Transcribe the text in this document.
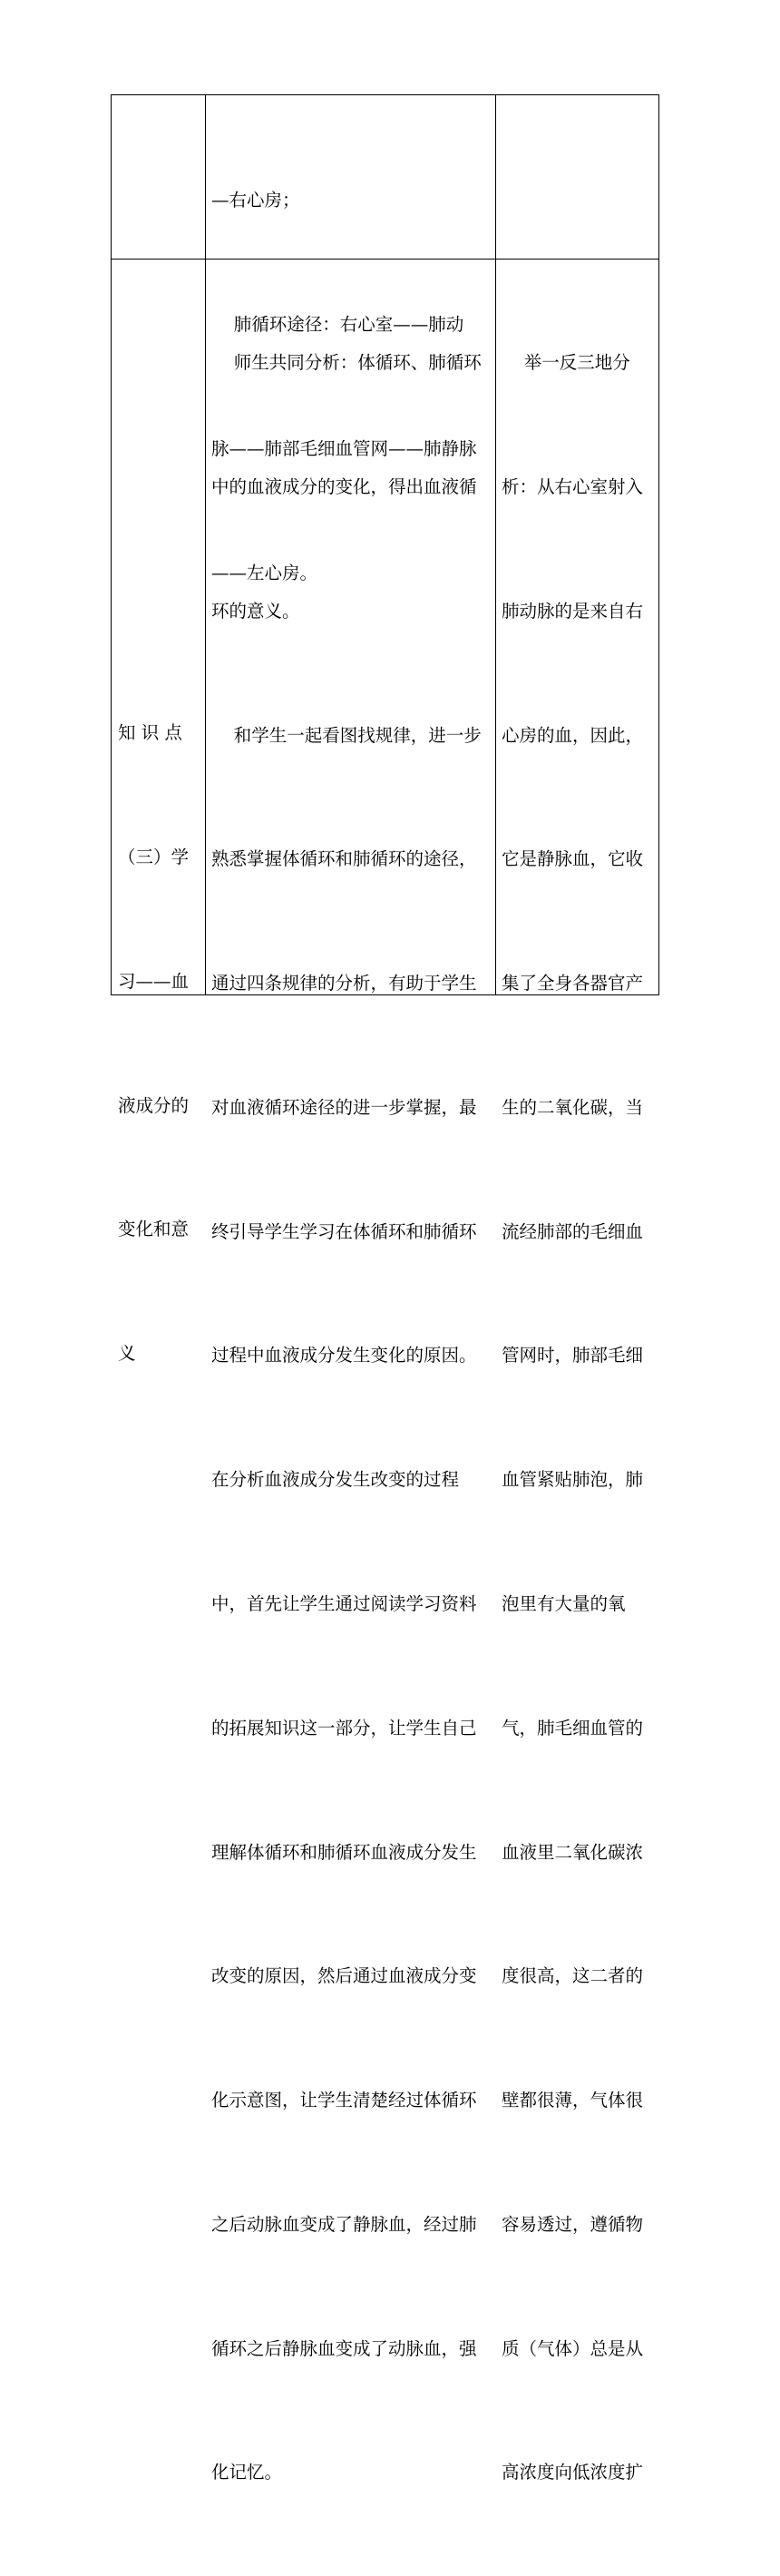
—右心房；

肺循环途径：右心室——肺动

脉——肺部毛细血管网——肺静脉

——左心房。

知 识 点

（三）学

习——血

液成分的

变化和意

义

师生共同分析：体循环、肺循环

中的血液成分的变化，得出血液循

环的意义。

和学生一起看图找规律，进一步

熟悉掌握体循环和肺循环的途径，

通过四条规律的分析，有助于学生

对血液循环途径的进一步掌握，最

终引导学生学习在体循环和肺循环

过程中血液成分发生变化的原因。

在分析血液成分发生改变的过程

中，首先让学生通过阅读学习资料

的拓展知识这一部分，让学生自己

理解体循环和肺循环血液成分发生

改变的原因，然后通过血液成分变

化示意图，让学生清楚经过体循环

之后动脉血变成了静脉血，经过肺

循环之后静脉血变成了动脉血，强

化记忆。

举一反三地分

析：从右心室射入

肺动脉的是来自右

心房的血，因此，

它是静脉血，它收

集了全身各器官产

生的二氧化碳，当

流经肺部的毛细血

管网时，肺部毛细

血管紧贴肺泡，肺

泡里有大量的氧

气，肺毛细血管的

血液里二氧化碳浓

度很高，这二者的

壁都很薄，气体很

容易透过，遵循物

质（气体）总是从

高浓度向低浓度扩
